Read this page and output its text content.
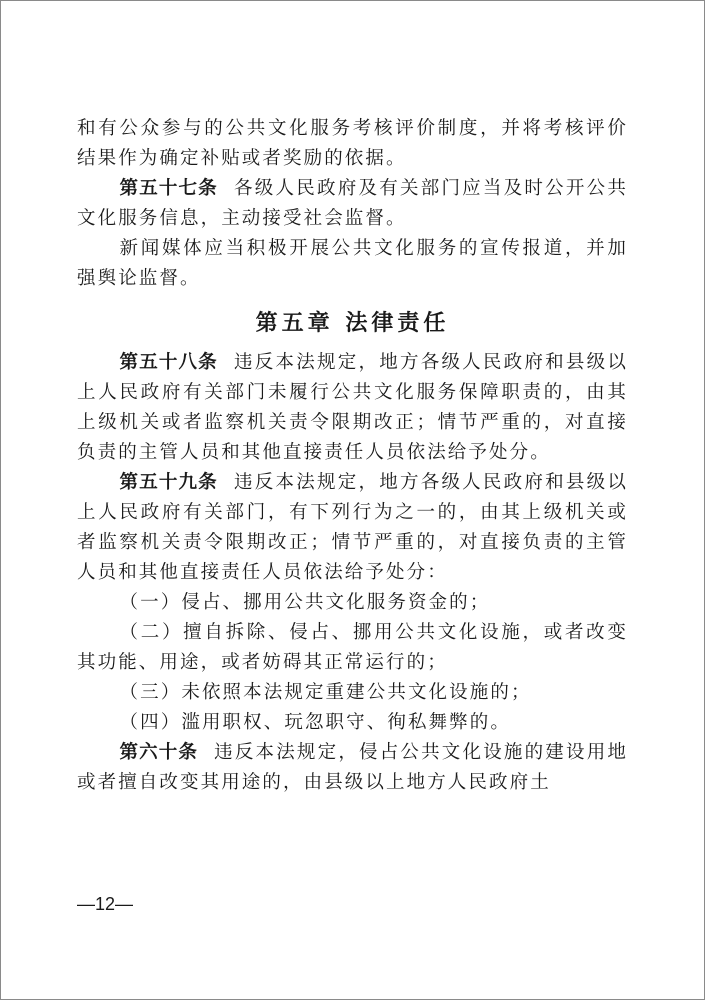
和有公众参与的公共文化服务考核评价制度，并将考核评价结果作为确定补贴或者奖励的依据。

第五十七条 各级人民政府及有关部门应当及时公开公共文化服务信息，主动接受社会监督。

新闻媒体应当积极开展公共文化服务的宣传报道，并加强舆论监督。

第五章 法律责任

第五十八条 违反本法规定，地方各级人民政府和县级以上人民政府有关部门未履行公共文化服务保障职责的，由其上级机关或者监察机关责令限期改正；情节严重的，对直接负责的主管人员和其他直接责任人员依法给予处分。

第五十九条 违反本法规定，地方各级人民政府和县级以上人民政府有关部门，有下列行为之一的，由其上级机关或者监察机关责令限期改正；情节严重的，对直接负责的主管人员和其他直接责任人员依法给予处分：

（一）侵占、挪用公共文化服务资金的；

（二）擅自拆除、侵占、挪用公共文化设施，或者改变其功能、用途，或者妨碍其正常运行的；

（三）未依照本法规定重建公共文化设施的；

（四）滥用职权、玩忽职守、徇私舞弊的。

第六十条 违反本法规定，侵占公共文化设施的建设用地或者擅自改变其用途的，由县级以上地方人民政府土

—12—
